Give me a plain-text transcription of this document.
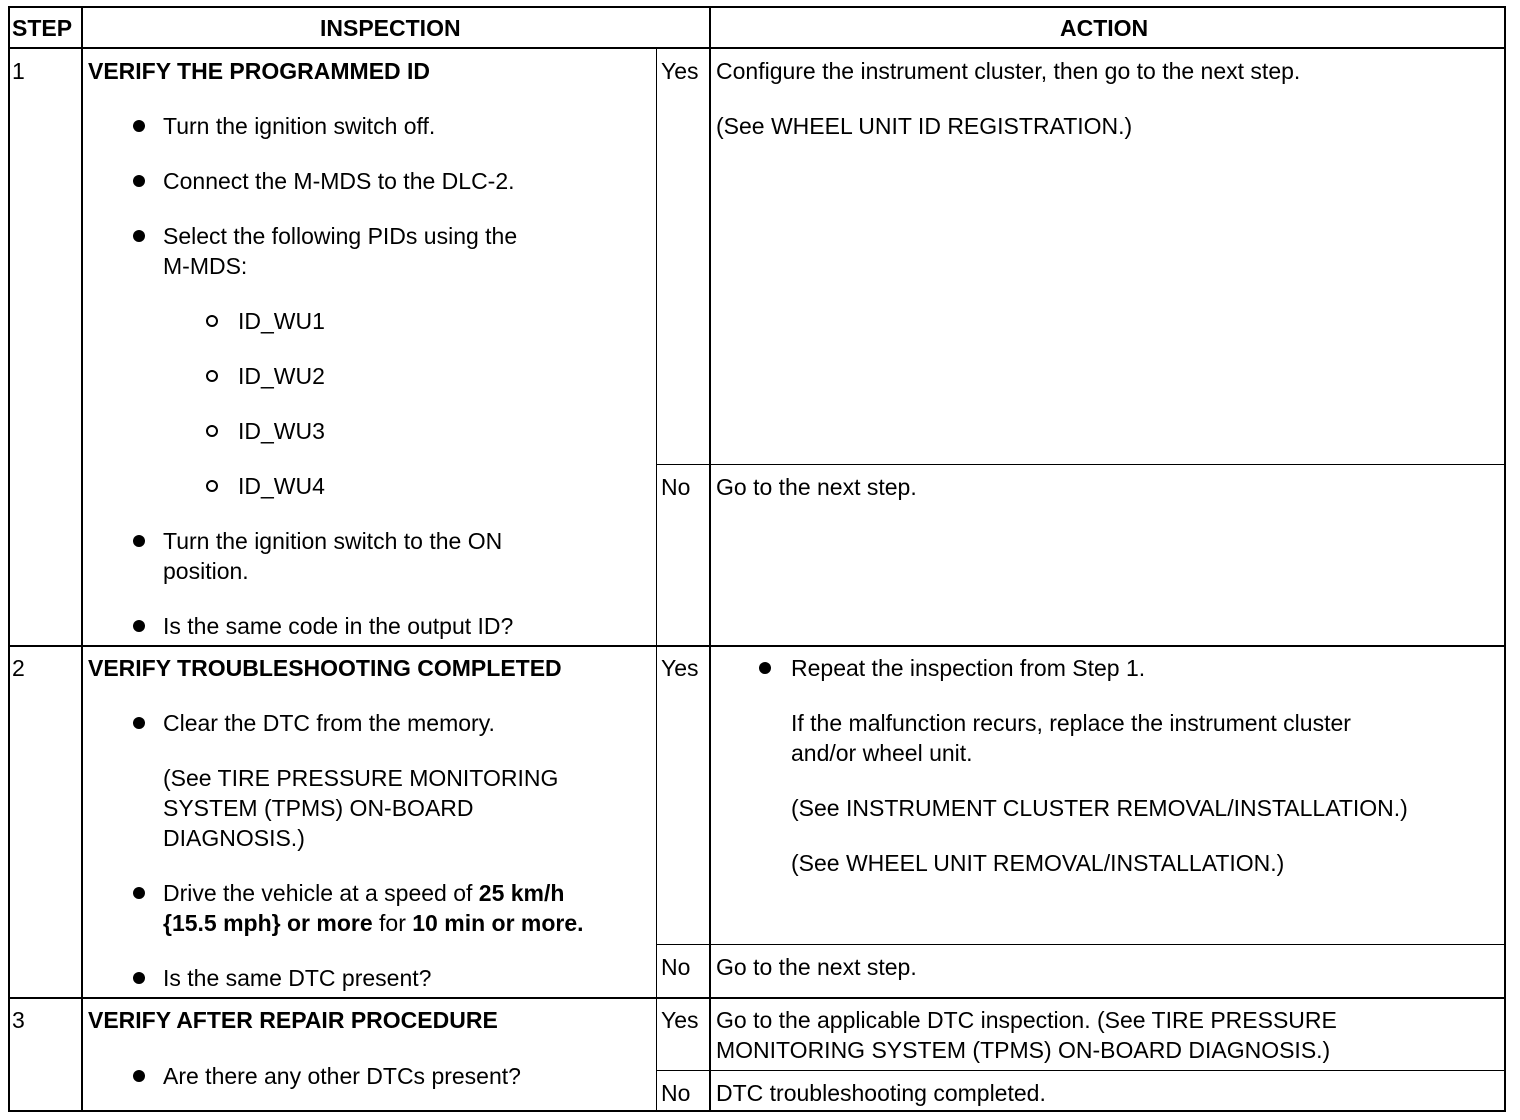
STEP	INSPECTION	ACTION
1	VERIFY THE PROGRAMMED ID
Turn the ignition switch off.
Connect the M-MDS to the DLC-2.
Select the following PIDs using the
M-MDS:
ID_WU1
ID_WU2
ID_WU3
ID_WU4
Turn the ignition switch to the ON
position.
Is the same code in the output ID?
Yes Configure the instrument cluster, then go to the next step.
(See WHEEL UNIT ID REGISTRATION.)
No Go to the next step.
2	VERIFY TROUBLESHOOTING COMPLETED
Clear the DTC from the memory.
(See TIRE PRESSURE MONITORING
SYSTEM (TPMS) ON-BOARD
DIAGNOSIS.)
Drive the vehicle at a speed of 25 km/h
{15.5 mph} or more for 10 min or more.
Is the same DTC present?
Yes	Repeat the inspection from Step 1.
If the malfunction recurs, replace the instrument cluster
and/or wheel unit.
(See INSTRUMENT CLUSTER REMOVAL/INSTALLATION.)
(See WHEEL UNIT REMOVAL/INSTALLATION.)
No Go to the next step.
3	VERIFY AFTER REPAIR PROCEDURE
Are there any other DTCs present?
Yes Go to the applicable DTC inspection. (See TIRE PRESSURE
MONITORING SYSTEM (TPMS) ON-BOARD DIAGNOSIS.)
No DTC troubleshooting completed.
